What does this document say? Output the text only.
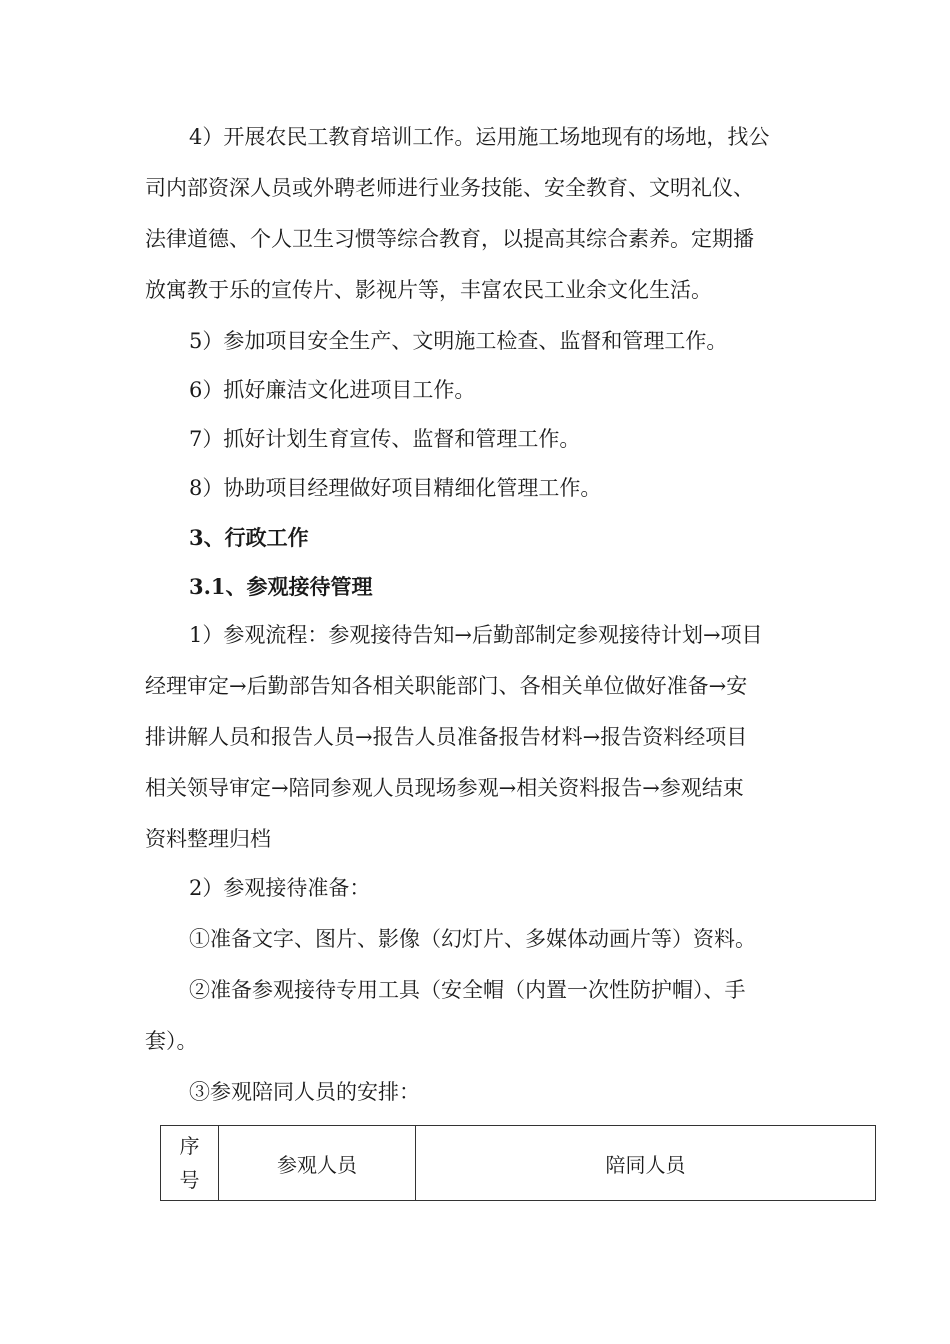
4）开展农民工教育培训工作。运用施工场地现有的场地，找公

司内部资深人员或外聘老师进行业务技能、安全教育、文明礼仪、

法律道德、个人卫生习惯等综合教育，以提高其综合素养。定期播

放寓教于乐的宣传片、影视片等，丰富农民工业余文化生活。

5）参加项目安全生产、文明施工检查、监督和管理工作。

6）抓好廉洁文化进项目工作。

7）抓好计划生育宣传、监督和管理工作。

8）协助项目经理做好项目精细化管理工作。

3、行政工作

3.1、参观接待管理

1）参观流程：参观接待告知→后勤部制定参观接待计划→项目

经理审定→后勤部告知各相关职能部门、各相关单位做好准备→安

排讲解人员和报告人员→报告人员准备报告材料→报告资料经项目

相关领导审定→陪同参观人员现场参观→相关资料报告→参观结束

资料整理归档

2）参观接待准备：

①准备文字、图片、影像（幻灯片、多媒体动画片等）资料。

②准备参观接待专用工具（安全帽（内置一次性防护帽）、手

套）。

③参观陪同人员的安排：

序
号	参观人员	陪同人员
